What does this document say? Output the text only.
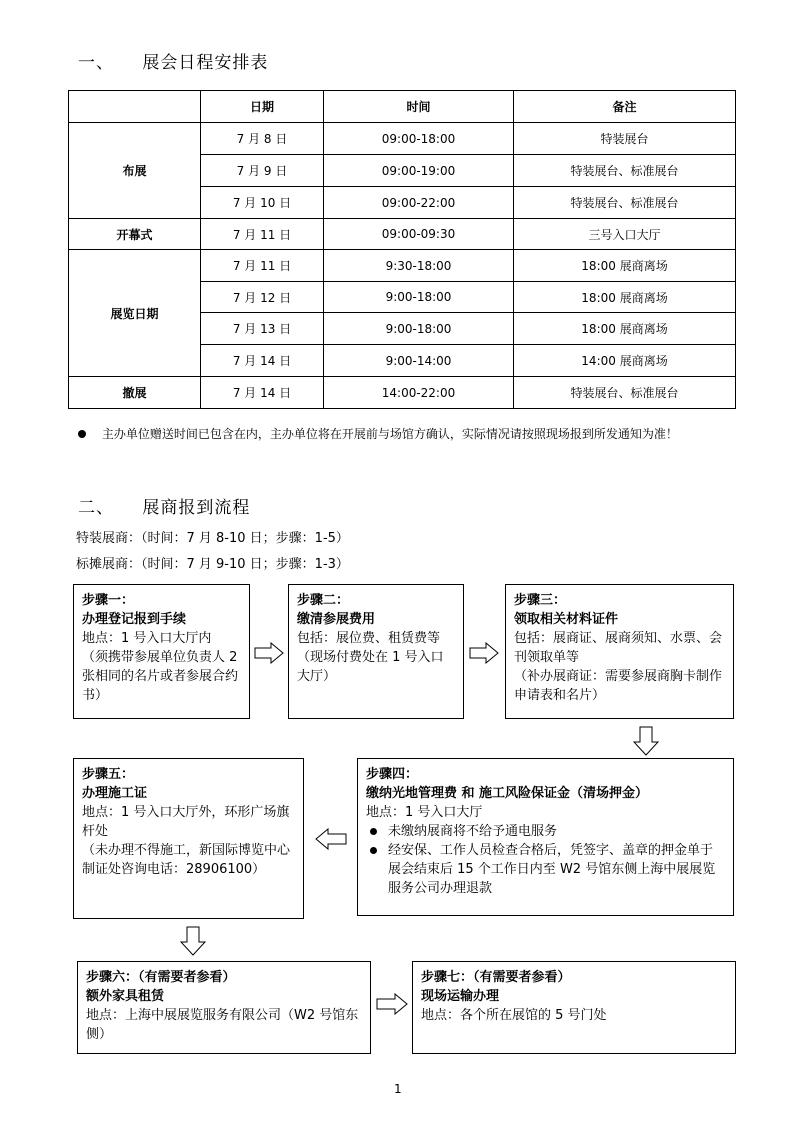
一、 展会日程安排表
	日期	时间	备注
布展	7 月 8 日	09:00-18:00	特装展台
	7 月 9 日	09:00-19:00	特装展台、标准展台
	7 月 10 日	09:00-22:00	特装展台、标准展台
开幕式	7 月 11 日	09:00-09:30	三号入口大厅
展览日期	7 月 11 日	9:30-18:00	18:00 展商离场
	7 月 12 日	9:00-18:00	18:00 展商离场
	7 月 13 日	9:00-18:00	18:00 展商离场
	7 月 14 日	9:00-14:00	14:00 展商离场
撤展	7 月 14 日	14:00-22:00	特装展台、标准展台
主办单位赠送时间已包含在内，主办单位将在开展前与场馆方确认，实际情况请按照现场报到所发通知为准！
二、 展商报到流程
特装展商：（时间：7 月 8-10 日；步骤：1-5）
标摊展商：（时间：7 月 9-10 日；步骤：1-3）
步骤一：
办理登记报到手续
地点：1 号入口大厅内
（须携带参展单位负责人 2张相同的名片或者参展合约书）
步骤二：
缴清参展费用
包括：展位费、租赁费等
（现场付费处在 1 号入口大厅）
步骤三：
领取相关材料证件
包括：展商证、展商须知、水票、会刊领取单等
（补办展商证：需要参展商胸卡制作申请表和名片）
步骤四：
缴纳光地管理费 和 施工风险保证金（清场押金）
地点：1 号入口大厅
未缴纳展商将不给予通电服务
经安保、工作人员检查合格后，凭签字、盖章的押金单于展会结束后 15 个工作日内至 W2 号馆东侧上海中展展览服务公司办理退款
步骤五：
办理施工证
地点：1 号入口大厅外，环形广场旗杆处
（未办理不得施工，新国际博览中心制证处咨询电话：28906100）
步骤六：（有需要者参看）
额外家具租赁
地点：上海中展展览服务有限公司（W2 号馆东侧）
步骤七：（有需要者参看）
现场运输办理
地点：各个所在展馆的 5 号门处
1
